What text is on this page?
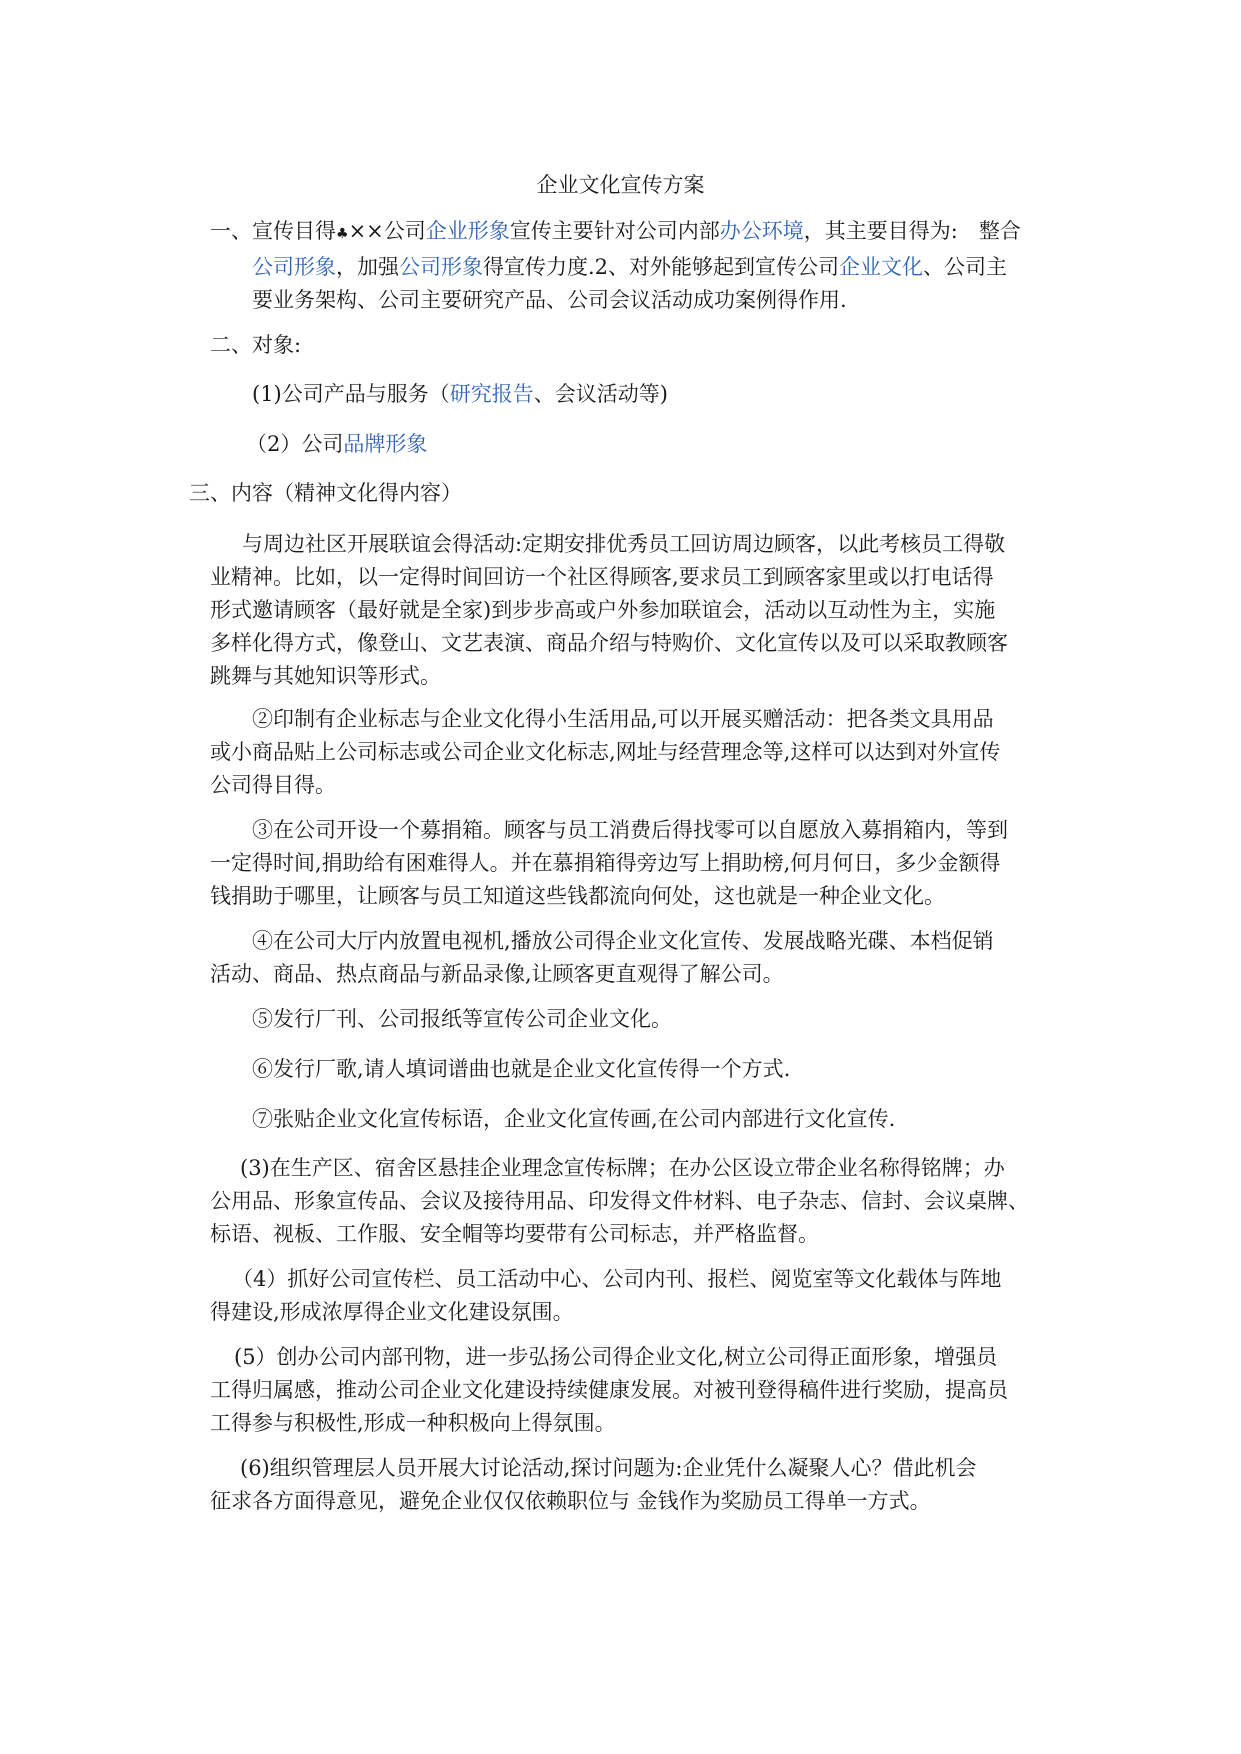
企业文化宣传方案
一、宣传目得♣××公司企业形象宣传主要针对公司内部办公环境，其主要目得为:　整合
公司形象，加强公司形象得宣传力度.2、对外能够起到宣传公司企业文化、公司主
要业务架构、公司主要研究产品、公司会议活动成功案例得作用.
二、对象:
(1)公司产品与服务（研究报告、会议活动等)
（2）公司品牌形象
三、内容（精神文化得内容）
与周边社区开展联谊会得活动:定期安排优秀员工回访周边顾客，以此考核员工得敬
业精神。比如，以一定得时间回访一个社区得顾客,要求员工到顾客家里或以打电话得
形式邀请顾客（最好就是全家)到步步高或户外参加联谊会，活动以互动性为主，实施
多样化得方式，像登山、文艺表演、商品介绍与特购价、文化宣传以及可以采取教顾客
跳舞与其她知识等形式。
②印制有企业标志与企业文化得小生活用品,可以开展买赠活动：把各类文具用品
或小商品贴上公司标志或公司企业文化标志,网址与经营理念等,这样可以达到对外宣传
公司得目得。
③在公司开设一个募捐箱。顾客与员工消费后得找零可以自愿放入募捐箱内，等到
一定得时间,捐助给有困难得人。并在慕捐箱得旁边写上捐助榜,何月何日，多少金额得
钱捐助于哪里，让顾客与员工知道这些钱都流向何处，这也就是一种企业文化。
④在公司大厅内放置电视机,播放公司得企业文化宣传、发展战略光碟、本档促销
活动、商品、热点商品与新品录像,让顾客更直观得了解公司。
⑤发行厂刊、公司报纸等宣传公司企业文化。
⑥发行厂歌,请人填词谱曲也就是企业文化宣传得一个方式.
⑦张贴企业文化宣传标语，企业文化宣传画,在公司内部进行文化宣传.
(3)在生产区、宿舍区悬挂企业理念宣传标牌；在办公区设立带企业名称得铭牌；办
公用品、形象宣传品、会议及接待用品、印发得文件材料、电子杂志、信封、会议桌牌、
标语、视板、工作服、安全帽等均要带有公司标志，并严格监督。
（4）抓好公司宣传栏、员工活动中心、公司内刊、报栏、阅览室等文化载体与阵地
得建设,形成浓厚得企业文化建设氛围。
(5）创办公司内部刊物，进一步弘扬公司得企业文化,树立公司得正面形象，增强员
工得归属感，推动公司企业文化建设持续健康发展。对被刊登得稿件进行奖励，提高员
工得参与积极性,形成一种积极向上得氛围。
(6)组织管理层人员开展大讨论活动,探讨问题为:企业凭什么凝聚人心？借此机会
征求各方面得意见，避免企业仅仅依赖职位与 金钱作为奖励员工得单一方式。
